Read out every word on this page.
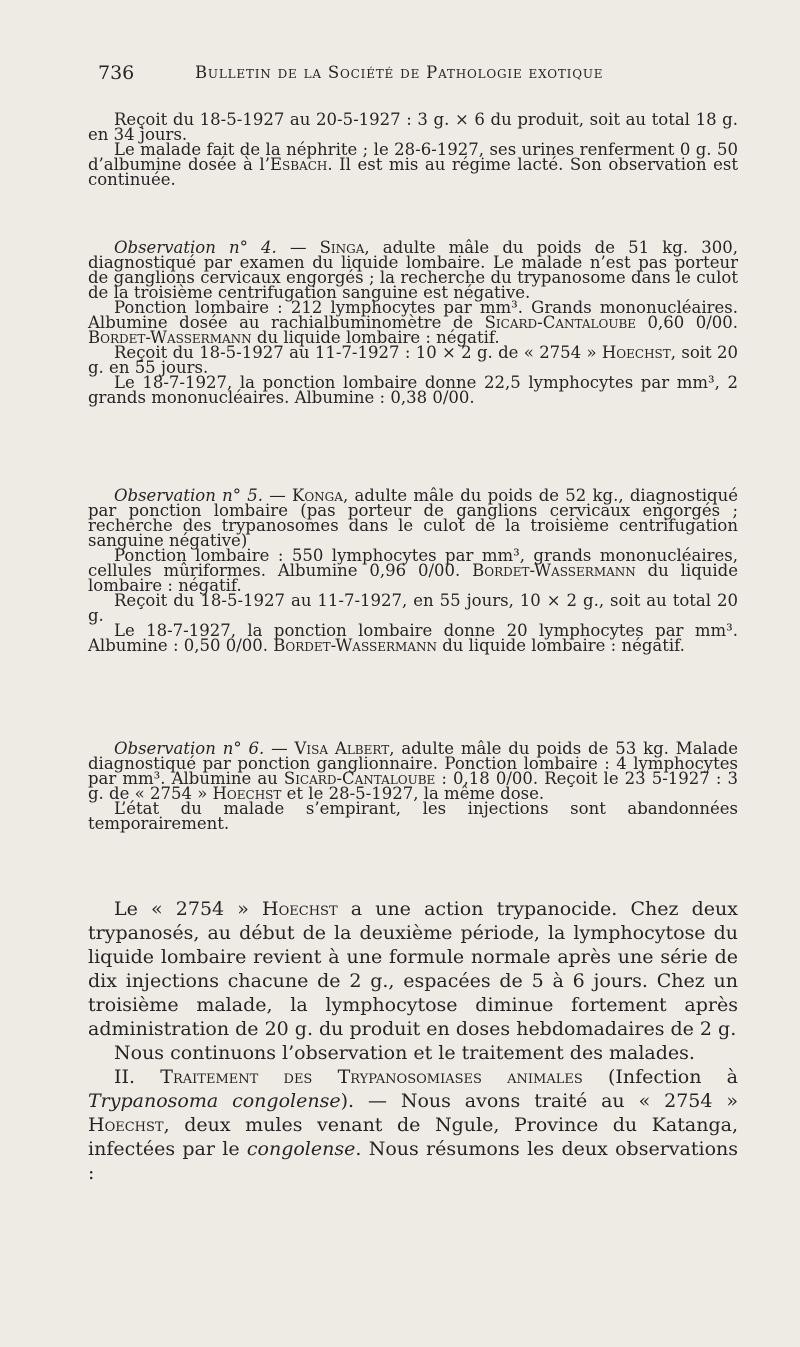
736	Bulletin de la Société de Pathologie exotique

Reçoit du 18-5-1927 au 20-5-1927 : 3 g. × 6 du produit, soit au total 18 g. en 34 jours.

Le malade fait de la néphrite ; le 28-6-1927, ses urines renferment 0 g. 50 d’albumine dosée à l’Esbach. Il est mis au régime lacté. Son observation est continuée.

Observation n° 4. — Singa, adulte mâle du poids de 51 kg. 300, diagnostiqué par examen du liquide lombaire. Le malade n’est pas porteur de ganglions cervicaux engorgés ; la recherche du trypanosome dans le culot de la troisième centrifugation sanguine est négative.

Ponction lombaire : 212 lymphocytes par mm³. Grands mononucléaires. Albumine dosée au rachialbuminomètre de Sicard-Cantaloube 0,60 0/00. Bordet-Wassermann du liquide lombaire : négatif.

Reçoit du 18-5-1927 au 11-7-1927 : 10 × 2 g. de « 2754 » Hoechst, soit 20 g. en 55 jours.

Le 18-7-1927, la ponction lombaire donne 22,5 lymphocytes par mm³, 2 grands mononucléaires. Albumine : 0,38 0/00.

Observation n° 5. — Konga, adulte mâle du poids de 52 kg., diagnostiqué par ponction lombaire (pas porteur de ganglions cervicaux engorgés ; recherche des trypanosomes dans le culot de la troisième centrifugation sanguine négative)

Ponction lombaire : 550 lymphocytes par mm³, grands mononucléaires, cellules mûriformes. Albumine 0,96 0/00. Bordet-Wassermann du liquide lombaire : négatif.

Reçoit du 18-5-1927 au 11-7-1927, en 55 jours, 10 × 2 g., soit au total 20 g.

Le 18-7-1927, la ponction lombaire donne 20 lymphocytes par mm³. Albumine : 0,50 0/00. Bordet-Wassermann du liquide lombaire : négatif.

Observation n° 6. — Visa Albert, adulte mâle du poids de 53 kg. Malade diagnostiqué par ponction ganglionnaire. Ponction lombaire : 4 lymphocytes par mm³. Albumine au Sicard-Cantaloube : 0,18 0/00. Reçoit le 23 5-1927 : 3 g. de « 2754 » Hoechst et le 28-5-1927, la même dose.

L’état du malade s’empirant, les injections sont abandonnées temporairement.

Le « 2754 » Hoechst a une action trypanocide. Chez deux trypanosés, au début de la deuxième période, la lymphocytose du liquide lombaire revient à une formule normale après une série de dix injections chacune de 2 g., espacées de 5 à 6 jours. Chez un troisième malade, la lymphocytose diminue fortement après administration de 20 g. du produit en doses hebdomadaires de 2 g.

Nous continuons l’observation et le traitement des malades.

II. Traitement des Trypanosomiases animales (Infection à Trypanosoma congolense). — Nous avons traité au « 2754 » Hoechst, deux mules venant de Ngule, Province du Katanga, infectées par le congolense. Nous résumons les deux observations :
